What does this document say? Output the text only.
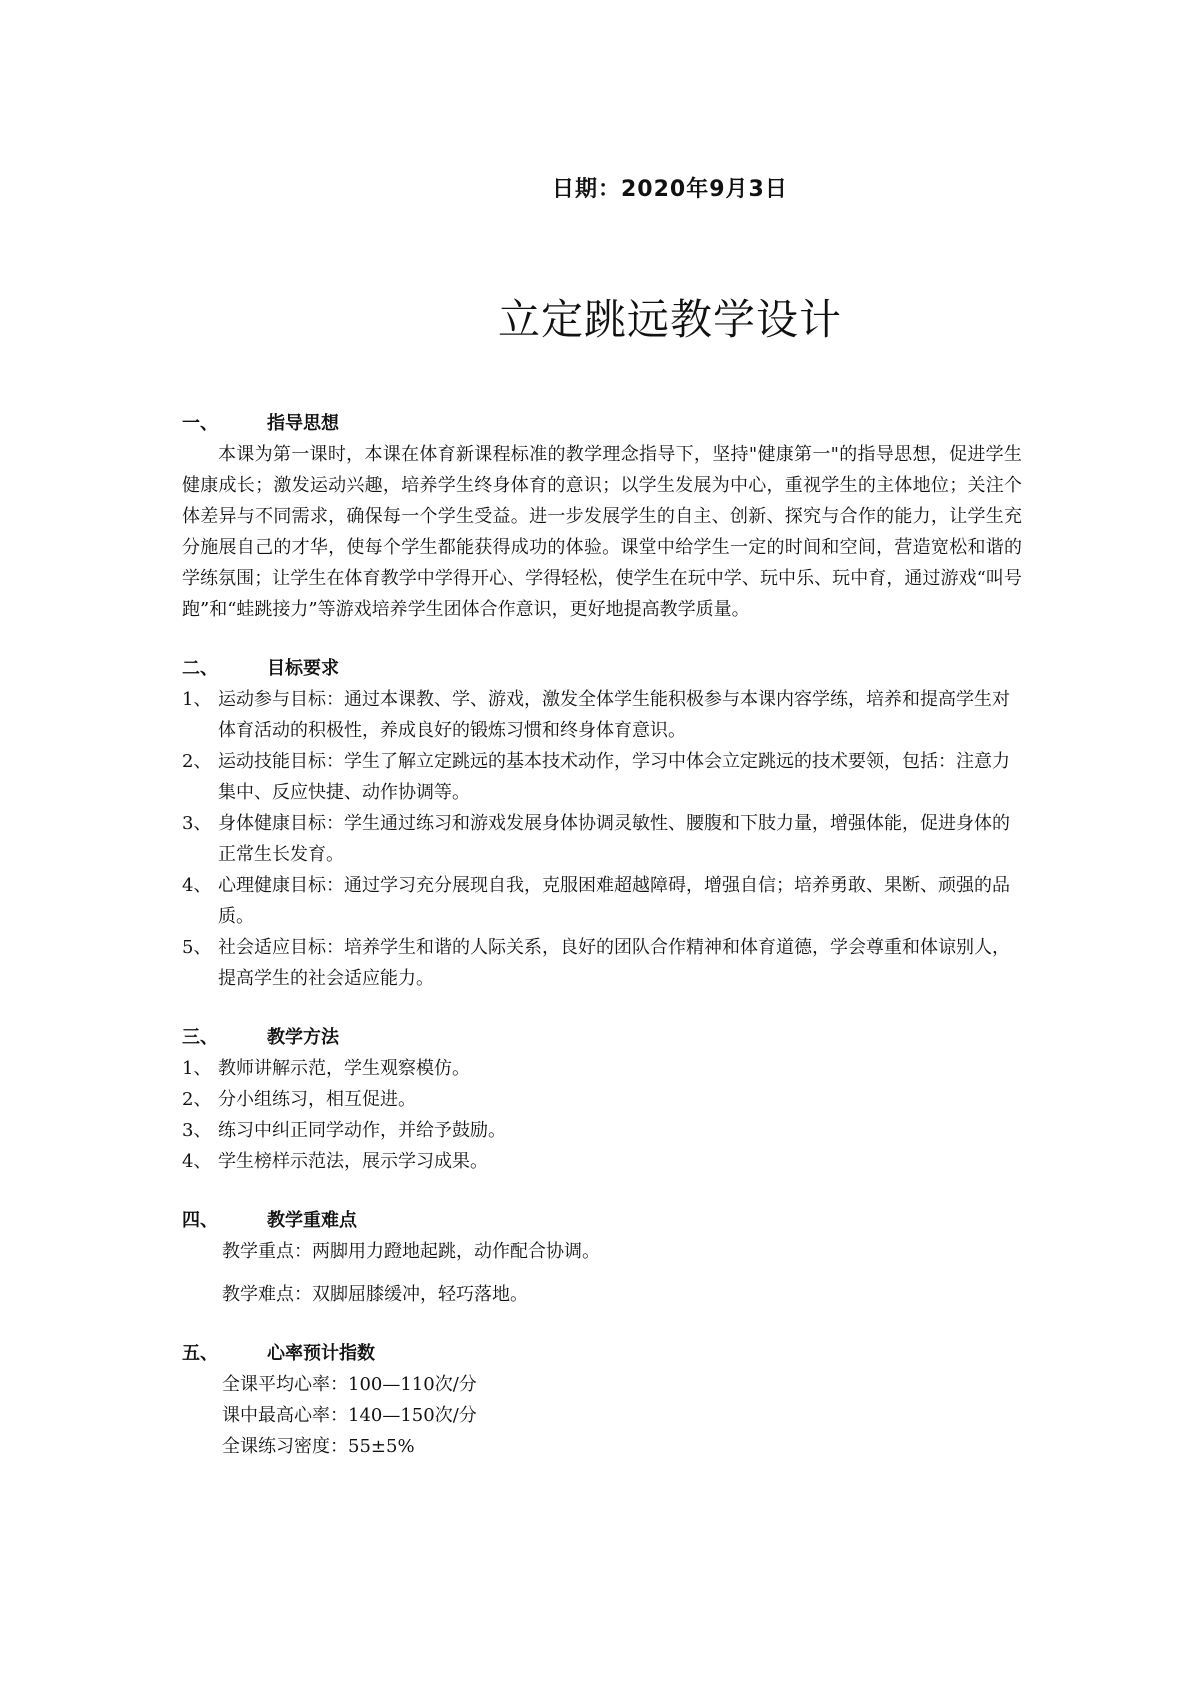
日期：2020年9月3日
立定跳远教学设计
一、	指导思想

本课为第一课时，本课在体育新课程标准的教学理念指导下，坚持"健康第一"的指导思想，促进学生健康成长；激发运动兴趣，培养学生终身体育的意识；以学生发展为中心，重视学生的主体地位；关注个体差异与不同需求，确保每一个学生受益。进一步发展学生的自主、创新、探究与合作的能力，让学生充分施展自己的才华，使每个学生都能获得成功的体验。课堂中给学生一定的时间和空间，营造宽松和谐的学练氛围；让学生在体育教学中学得开心、学得轻松，使学生在玩中学、玩中乐、玩中育，通过游戏“叫号跑”和“蛙跳接力”等游戏培养学生团体合作意识，更好地提高教学质量。

二、	目标要求
1、 运动参与目标：通过本课教、学、游戏，激发全体学生能积极参与本课内容学练，培养和提高学生对体育活动的积极性，养成良好的锻炼习惯和终身体育意识。
2、 运动技能目标：学生了解立定跳远的基本技术动作，学习中体会立定跳远的技术要领，包括：注意力集中、反应快捷、动作协调等。
3、 身体健康目标：学生通过练习和游戏发展身体协调灵敏性、腰腹和下肢力量，增强体能，促进身体的正常生长发育。
4、 心理健康目标：通过学习充分展现自我，克服困难超越障碍，增强自信；培养勇敢、果断、顽强的品质。
5、 社会适应目标：培养学生和谐的人际关系，良好的团队合作精神和体育道德，学会尊重和体谅别人，提高学生的社会适应能力。
三、	教学方法
1、 教师讲解示范，学生观察模仿。
2、 分小组练习，相互促进。
3、 练习中纠正同学动作，并给予鼓励。
4、 学生榜样示范法，展示学习成果。
四、	教学重难点
教学重点：两脚用力蹬地起跳，动作配合协调。
教学难点：双脚屈膝缓冲，轻巧落地。
五、	心率预计指数
全课平均心率：100—110次/分
课中最高心率：140—150次/分
全课练习密度：55±5%
